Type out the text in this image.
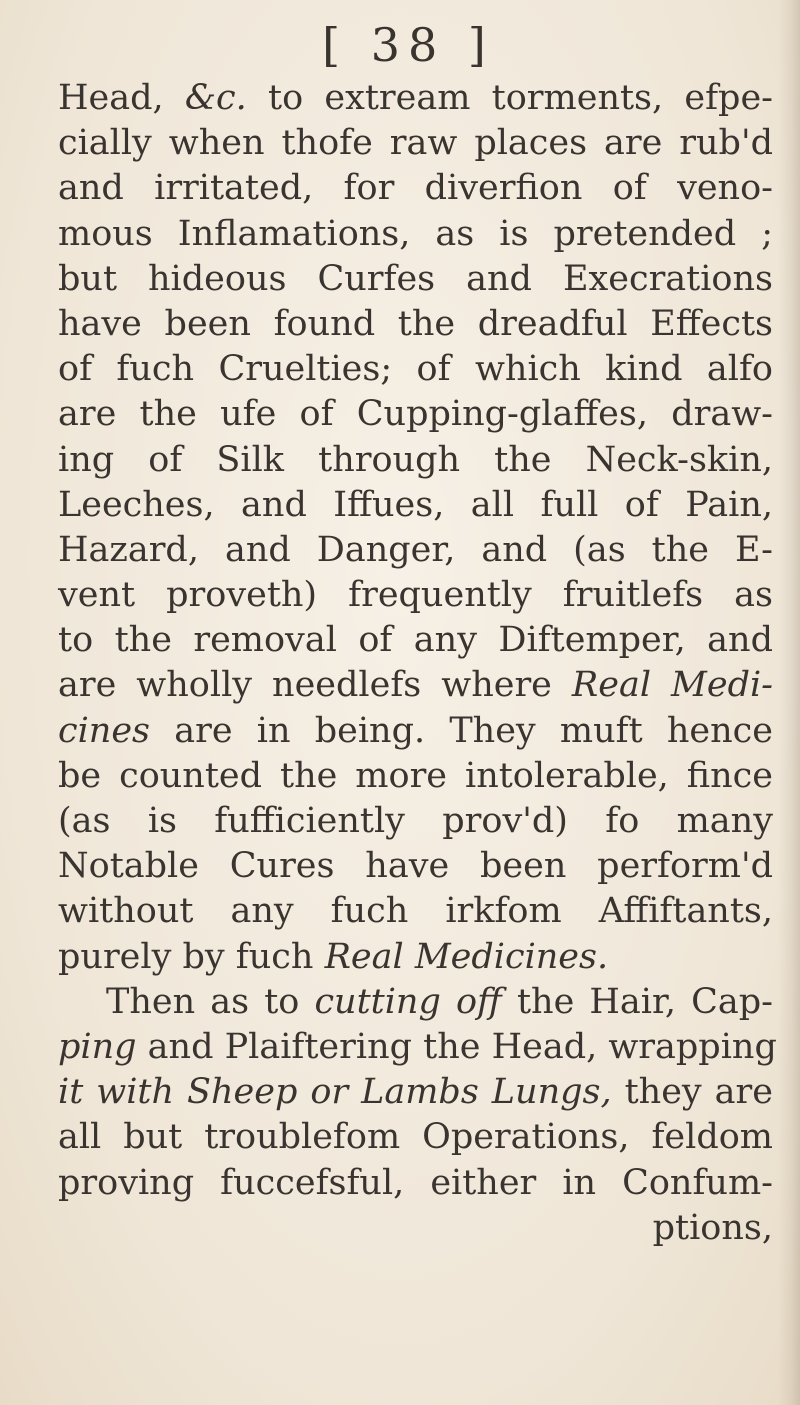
[ 38 ]
Head, &c. to extream torments, efpe-
cially when thofe raw places are rub'd
and irritated, for diverfion of veno-
mous Inflamations, as is pretended ;
but hideous Curfes and Execrations
have been found the dreadful Effects
of fuch Cruelties; of which kind alfo
are the ufe of Cupping-glaffes, draw-
ing of Silk through the Neck-skin,
Leeches, and Iffues, all full of Pain,
Hazard, and Danger, and (as the E-
vent proveth) frequently fruitlefs as
to the removal of any Diftemper, and
are wholly needlefs where Real Medi-
cines are in being. They muft hence
be counted the more intolerable, fince
(as is fufficiently prov'd) fo many
Notable Cures have been perform'd
without any fuch irkfom Affiftants,
purely by fuch Real Medicines.
Then as to cutting off the Hair, Cap-
ping and Plaiftering the Head, wrapping
it with Sheep or Lambs Lungs, they are
all but troublefom Operations, feldom
proving fuccefsful, either in Confum-
ptions,
